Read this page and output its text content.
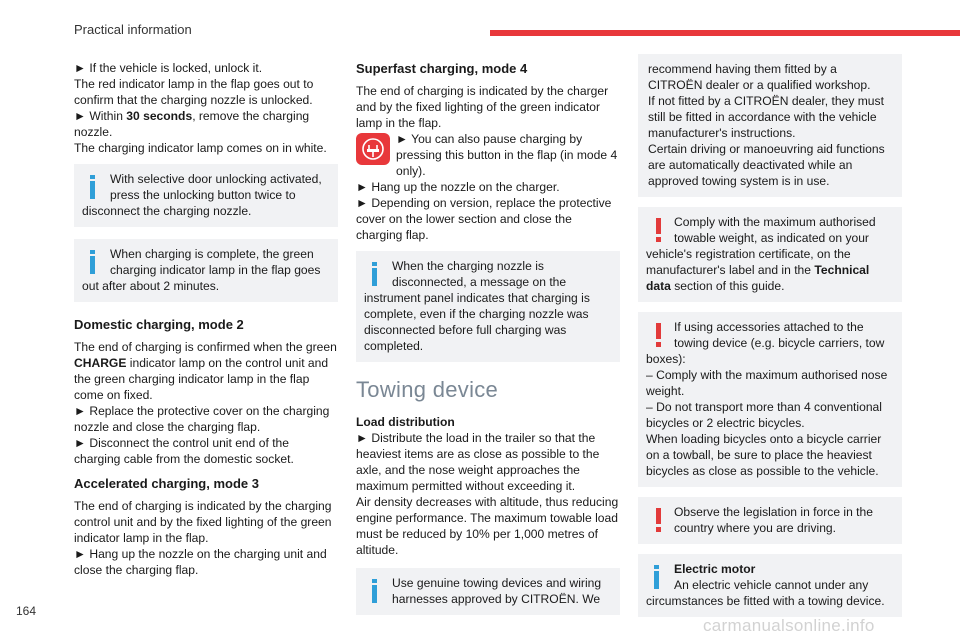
Practical information

► If the vehicle is locked, unlock it.
The red indicator lamp in the flap goes out to confirm that the charging nozzle is unlocked.
► Within 30 seconds, remove the charging nozzle.
The charging indicator lamp comes on in white.

With selective door unlocking activated, press the unlocking button twice to disconnect the charging nozzle.

When charging is complete, the green charging indicator lamp in the flap goes out after about 2 minutes.

Domestic charging, mode 2

The end of charging is confirmed when the green CHARGE indicator lamp on the control unit and the green charging indicator lamp in the flap come on fixed.
► Replace the protective cover on the charging nozzle and close the charging flap.
► Disconnect the control unit end of the charging cable from the domestic socket.

Accelerated charging, mode 3

The end of charging is indicated by the charging control unit and by the fixed lighting of the green indicator lamp in the flap.
► Hang up the nozzle on the charging unit and close the charging flap.

Superfast charging, mode 4

The end of charging is indicated by the charger and by the fixed lighting of the green indicator lamp in the flap.

► You can also pause charging by pressing this button in the flap (in mode 4 only).
► Hang up the nozzle on the charger.
► Depending on version, replace the protective cover on the lower section and close the charging flap.

When the charging nozzle is disconnected, a message on the instrument panel indicates that charging is complete, even if the charging nozzle was disconnected before full charging was completed.

Towing device

Load distribution

► Distribute the load in the trailer so that the heaviest items are as close as possible to the axle, and the nose weight approaches the maximum permitted without exceeding it.
Air density decreases with altitude, thus reducing engine performance. The maximum towable load must be reduced by 10% per 1,000 metres of altitude.

Use genuine towing devices and wiring harnesses approved by CITROËN. We

recommend having them fitted by a CITROËN dealer or a qualified workshop.
If not fitted by a CITROËN dealer, they must still be fitted in accordance with the vehicle manufacturer's instructions.
Certain driving or manoeuvring aid functions are automatically deactivated while an approved towing system is in use.

Comply with the maximum authorised towable weight, as indicated on your vehicle's registration certificate, on the manufacturer's label and in the Technical data section of this guide.

If using accessories attached to the towing device (e.g. bicycle carriers, tow boxes):
– Comply with the maximum authorised nose weight.
– Do not transport more than 4 conventional bicycles or 2 electric bicycles.
When loading bicycles onto a bicycle carrier on a towball, be sure to place the heaviest bicycles as close as possible to the vehicle.

Observe the legislation in force in the country where you are driving.

Electric motor
An electric vehicle cannot under any circumstances be fitted with a towing device.

164
carmanualsonline.info
